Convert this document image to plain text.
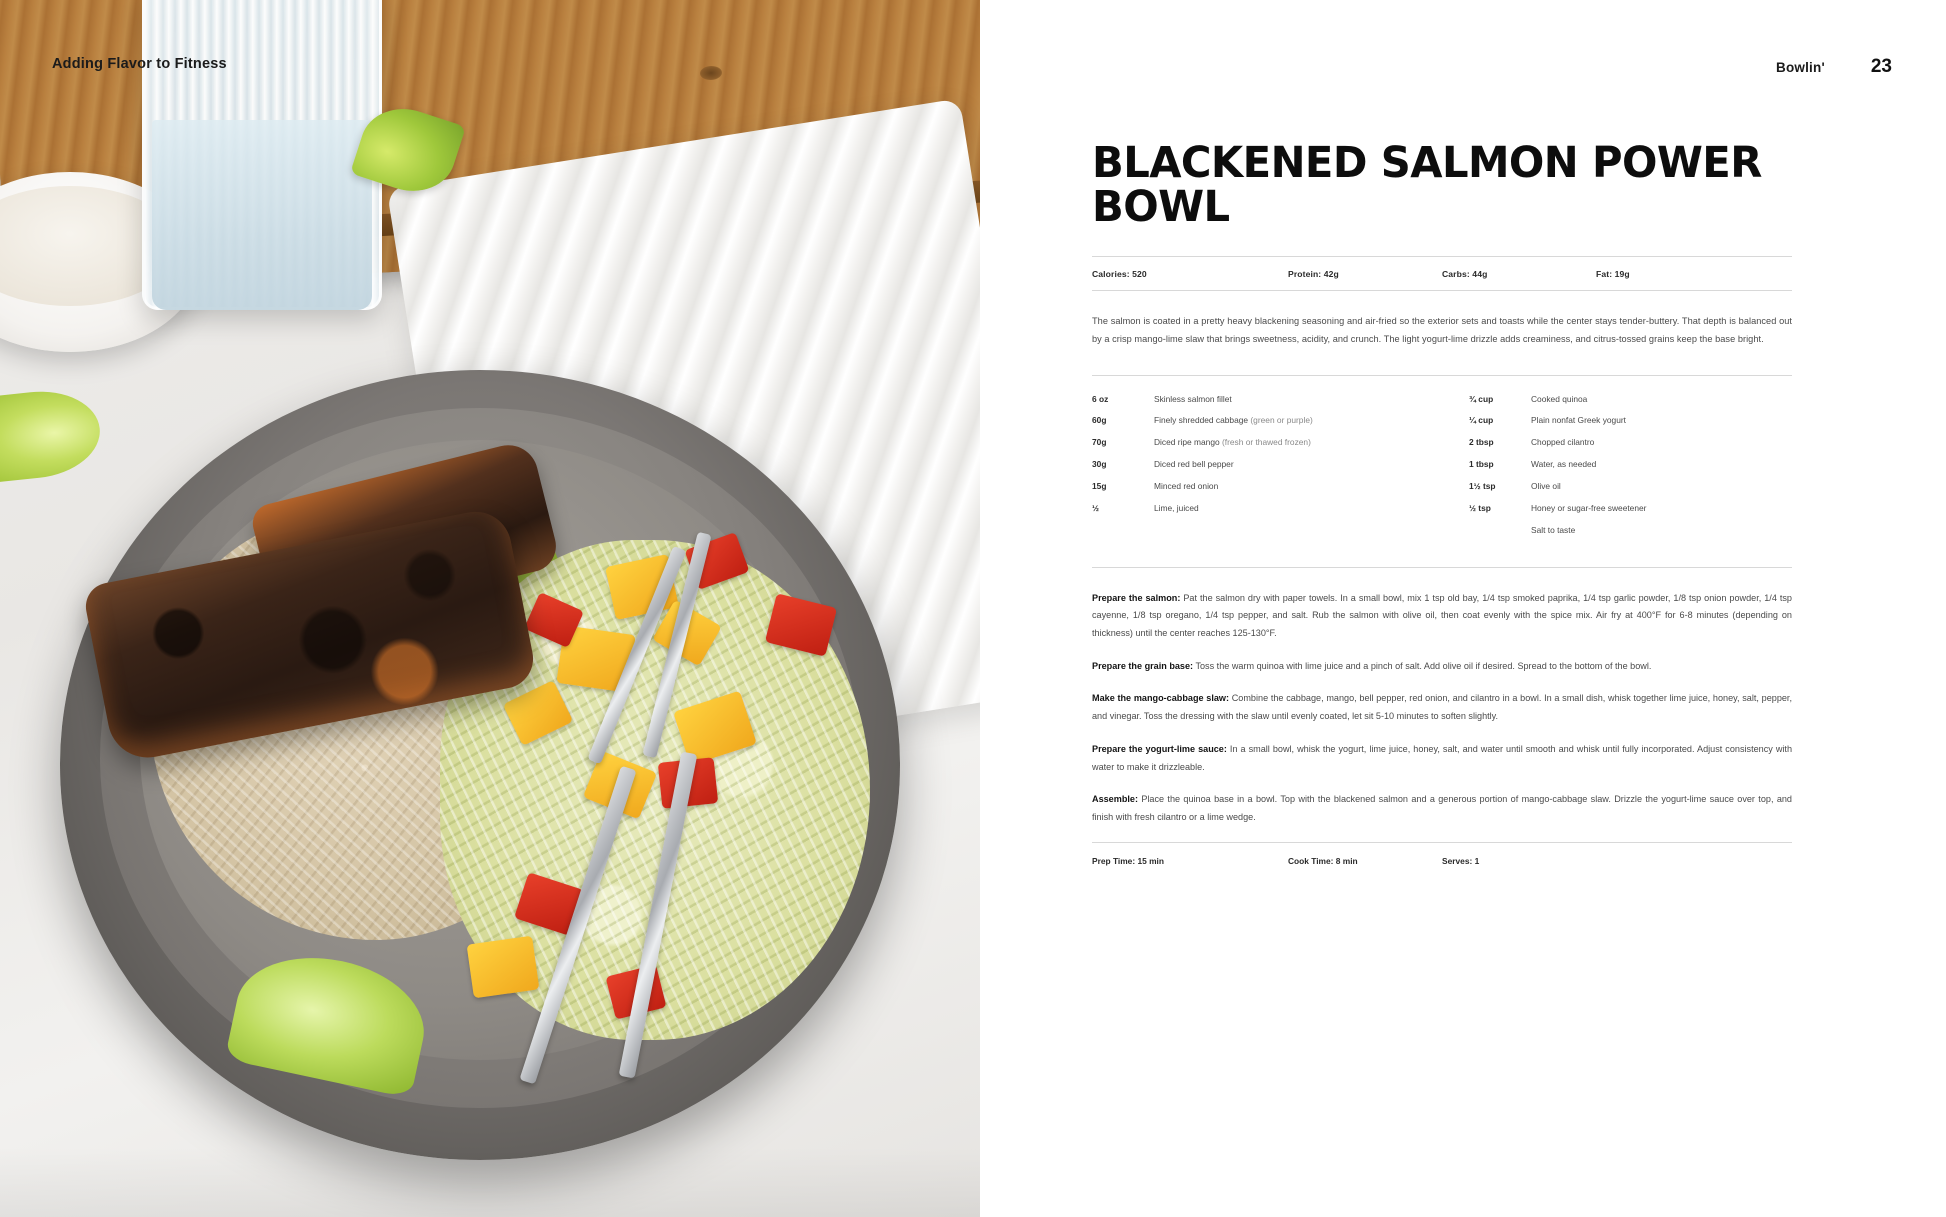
Adding Flavor to Fitness	Bowlin' 23
BLACKENED SALMON POWER BOWL
Calories: 520	Protein: 42g	Carbs: 44g	Fat: 19g

The salmon is coated in a pretty heavy blackening seasoning and air-fried so the exterior sets and toasts while the center stays tender-buttery. That depth is balanced out by a crisp mango-lime slaw that brings sweetness, acidity, and crunch. The light yogurt-lime drizzle adds creaminess, and citrus-tossed grains keep the base bright.

6 oz	Skinless salmon fillet
60g	Finely shredded cabbage (green or purple)
70g	Diced ripe mango (fresh or thawed frozen)
30g	Diced red bell pepper
15g	Minced red onion
½	Lime, juiced
¾ cup	Cooked quinoa
¼ cup	Plain nonfat Greek yogurt
2 tbsp	Chopped cilantro
1 tbsp	Water, as needed
1½ tsp	Olive oil
½ tsp	Honey or sugar-free sweetener
Salt to taste

Prepare the salmon: Pat the salmon dry with paper towels. In a small bowl, mix 1 tsp old bay, 1/4 tsp smoked paprika, 1/4 tsp garlic powder, 1/8 tsp onion powder, 1/4 tsp cayenne, 1/8 tsp oregano, 1/4 tsp pepper, and salt. Rub the salmon with olive oil, then coat evenly with the spice mix. Air fry at 400°F for 6-8 minutes (depending on thickness) until the center reaches 125-130°F.

Prepare the grain base: Toss the warm quinoa with lime juice and a pinch of salt. Add olive oil if desired. Spread to the bottom of the bowl.

Make the mango-cabbage slaw: Combine the cabbage, mango, bell pepper, red onion, and cilantro in a bowl. In a small dish, whisk together lime juice, honey, salt, pepper, and vinegar. Toss the dressing with the slaw until evenly coated, let sit 5-10 minutes to soften slightly.

Prepare the yogurt-lime sauce: In a small bowl, whisk the yogurt, lime juice, honey, salt, and water until smooth and whisk until fully incorporated. Adjust consistency with water to make it drizzleable.

Assemble: Place the quinoa base in a bowl. Top with the blackened salmon and a generous portion of mango-cabbage slaw. Drizzle the yogurt-lime sauce over top, and finish with fresh cilantro or a lime wedge.

Prep Time: 15 min	Cook Time: 8 min	Serves: 1
